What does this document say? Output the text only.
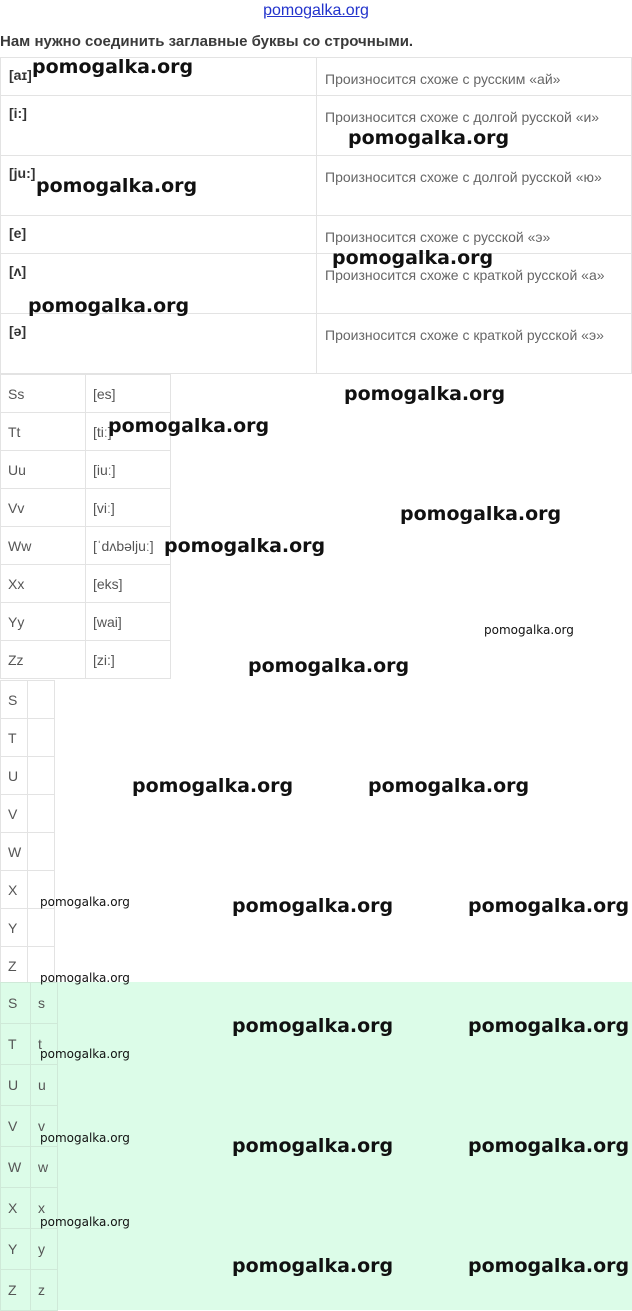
pomogalka.org
Нам нужно соединить заглавные буквы со строчными.
[aɪ]	Произносится схоже с русским «ай»
[i:]	Произносится схоже с долгой русской «и»
[ju:]	Произносится схоже с долгой русской «ю»
[e]	Произносится схоже с русской «э»
[ʌ]	Произносится схоже с краткой русской «а»
[ə]	Произносится схоже с краткой русской «э»
Ss	[es]
Tt	[tiː]
Uu	[iuː]
Vv	[viː]
Ww	[ˈdʌbəljuː]
Xx	[eks]
Yy	[wai]
Zz	[zi:]
S	
T	
U	
V	
W	
X	
Y	
Z	
S	s
T	t
U	u
V	v
W	w
X	x
Y	y
Z	z
pomogalka.org
pomogalka.org
pomogalka.org
pomogalka.org
pomogalka.org
pomogalka.org
pomogalka.org
pomogalka.org
pomogalka.org
pomogalka.org
pomogalka.org
pomogalka.org	pomogalka.org
pomogalka.org	pomogalka.org	pomogalka.org
pomogalka.org
pomogalka.org	pomogalka.org
pomogalka.org
pomogalka.org	pomogalka.org	pomogalka.org
pomogalka.org
pomogalka.org	pomogalka.org
